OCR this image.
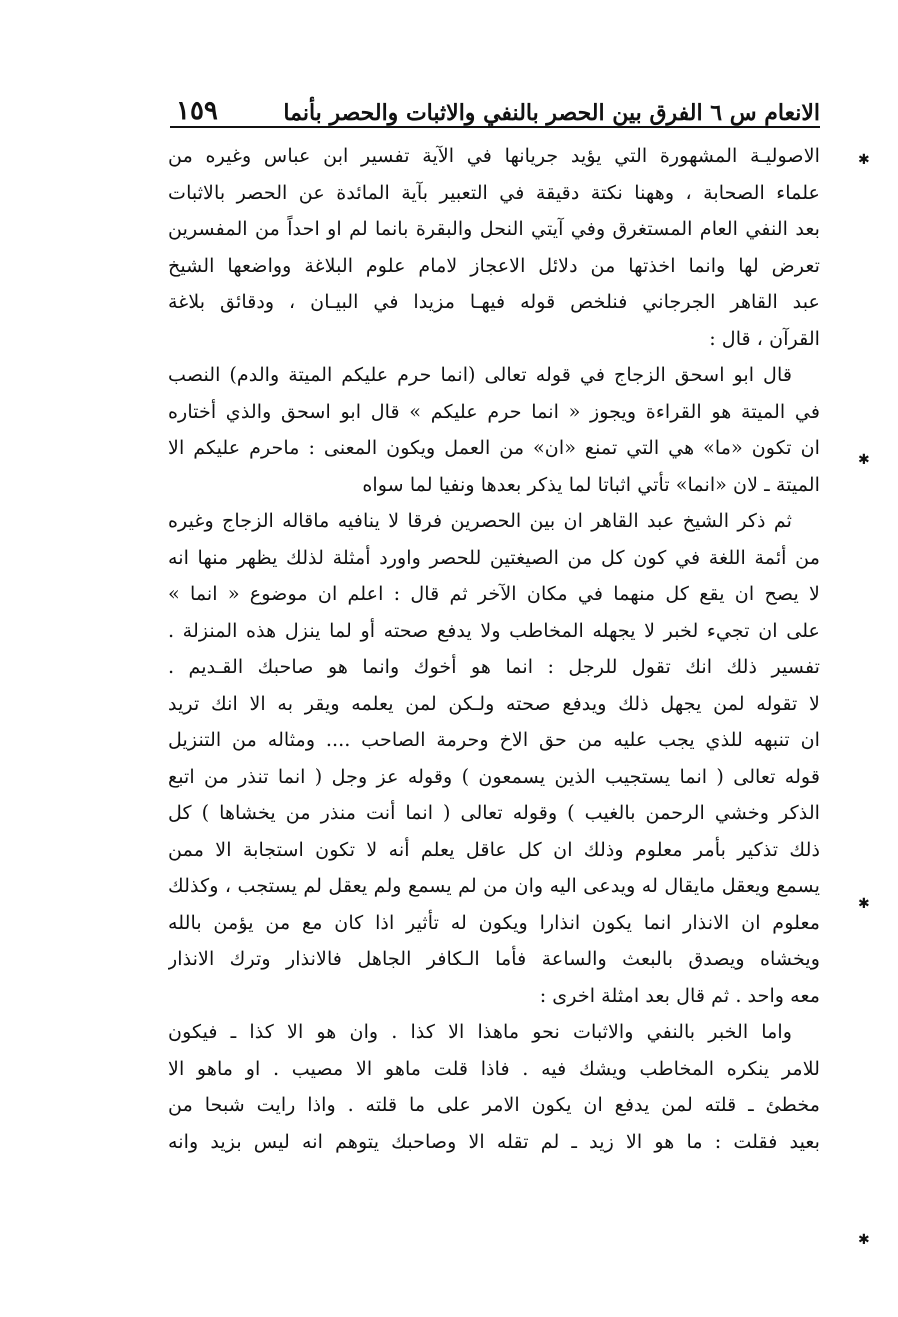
الانعام س ٦ الفرق بين الحصر بالنفي والاثبات والحصر بأنما
١٥٩
✱
✱
✱
✱

الاصوليـة المشهورة التي يؤيد جريانها في الآية تفسير ابن عباس وغيره من
علماء الصحابة ، وههنا نكتة دقيقة في التعبير بآية المائدة عن الحصر بالاثبات
بعد النفي العام المستغرق وفي آيتي النحل والبقرة بانما لم او احداً من المفسرين
تعرض لها وانما اخذتها من دلائل الاعجاز لامام علوم البلاغة وواضعها الشيخ
عبد القاهر الجرجاني فنلخص قوله فيهـا مزيدا في البيـان ، ودقائق بلاغة
القرآن ، قال :

قال ابو اسحق الزجاج في قوله تعالى (انما حرم عليكم الميتة والدم) النصب
في الميتة هو القراءة ويجوز « انما حرم عليكم » قال ابو اسحق والذي أختاره
ان تكون «ما» هي التي تمنع «ان» من العمل ويكون المعنى : ماحرم عليكم الا
الميتة ـ لان «انما» تأتي اثباتا لما يذكر بعدها ونفيا لما سواه

ثم ذكر الشيخ عبد القاهر ان بين الحصرين فرقا لا ينافيه ماقاله الزجاج وغيره
من أئمة اللغة في كون كل من الصيغتين للحصر واورد أمثلة لذلك يظهر منها انه
لا يصح ان يقع كل منهما في مكان الآخر ثم قال : اعلم ان موضوع « انما »
على ان تجيء لخبر لا يجهله المخاطب ولا يدفع صحته أو لما ينزل هذه المنزلة .
تفسير ذلك انك تقول للرجل : انما هو أخوك وانما هو صاحبك القـديم .
لا تقوله لمن يجهل ذلك ويدفع صحته ولـكن لمن يعلمه ويقر به الا انك تريد
ان تنبهه للذي يجب عليه من حق الاخ وحرمة الصاحب .... ومثاله من التنزيل
قوله تعالى ( انما يستجيب الذين يسمعون ) وقوله عز وجل ( انما تنذر من اتبع
الذكر وخشي الرحمن بالغيب ) وقوله تعالى ( انما أنت منذر من يخشاها ) كل
ذلك تذكير بأمر معلوم وذلك ان كل عاقل يعلم أنه لا تكون استجابة الا ممن
يسمع ويعقل مايقال له ويدعى اليه وان من لم يسمع ولم يعقل لم يستجب ، وكذلك
معلوم ان الانذار انما يكون انذارا ويكون له تأثير اذا كان مع من يؤمن بالله
ويخشاه ويصدق بالبعث والساعة فأما الـكافر الجاهل فالانذار وترك الانذار
معه واحد . ثم قال بعد امثلة اخرى :

واما الخبر بالنفي والاثبات نحو ماهذا الا كذا . وان هو الا كذا ـ فيكون
للامر ينكره المخاطب ويشك فيه . فاذا قلت ماهو الا مصيب . او ماهو الا
مخطئ ـ قلته لمن يدفع ان يكون الامر على ما قلته . واذا رايت شبحا من
بعيد فقلت : ما هو الا زيد ـ لم تقله الا وصاحبك يتوهم انه ليس بزيد وانه
